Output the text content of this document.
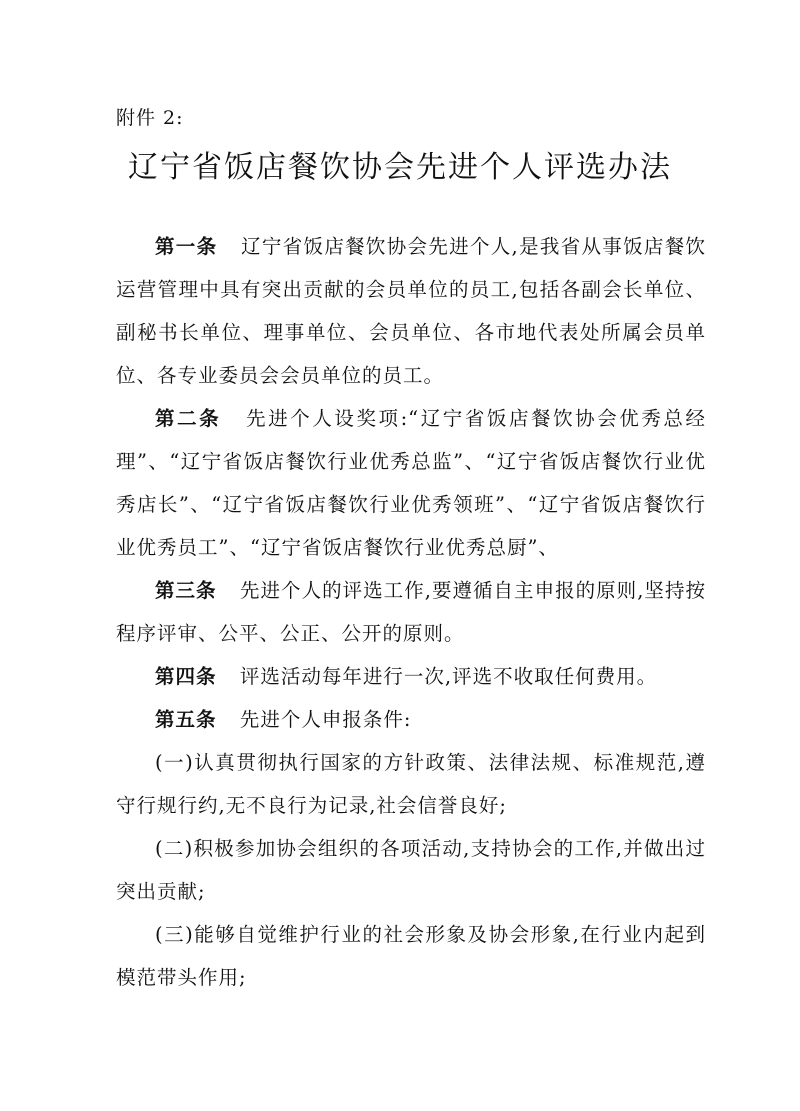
附件 2:
辽宁省饭店餐饮协会先进个人评选办法

第一条 辽宁省饭店餐饮协会先进个人,是我省从事饭店餐饮运营管理中具有突出贡献的会员单位的员工,包括各副会长单位、副秘书长单位、理事单位、会员单位、各市地代表处所属会员单位、各专业委员会会员单位的员工。

第二条 先进个人设奖项:“辽宁省饭店餐饮协会优秀总经理”、“辽宁省饭店餐饮行业优秀总监”、“辽宁省饭店餐饮行业优秀店长”、“辽宁省饭店餐饮行业优秀领班”、“辽宁省饭店餐饮行业优秀员工”、“辽宁省饭店餐饮行业优秀总厨”、

第三条 先进个人的评选工作,要遵循自主申报的原则,坚持按程序评审、公平、公正、公开的原则。

第四条 评选活动每年进行一次,评选不收取任何费用。

第五条 先进个人申报条件:

(一)认真贯彻执行国家的方针政策、法律法规、标准规范,遵守行规行约,无不良行为记录,社会信誉良好;

(二)积极参加协会组织的各项活动,支持协会的工作,并做出过突出贡献;

(三)能够自觉维护行业的社会形象及协会形象,在行业内起到模范带头作用;
